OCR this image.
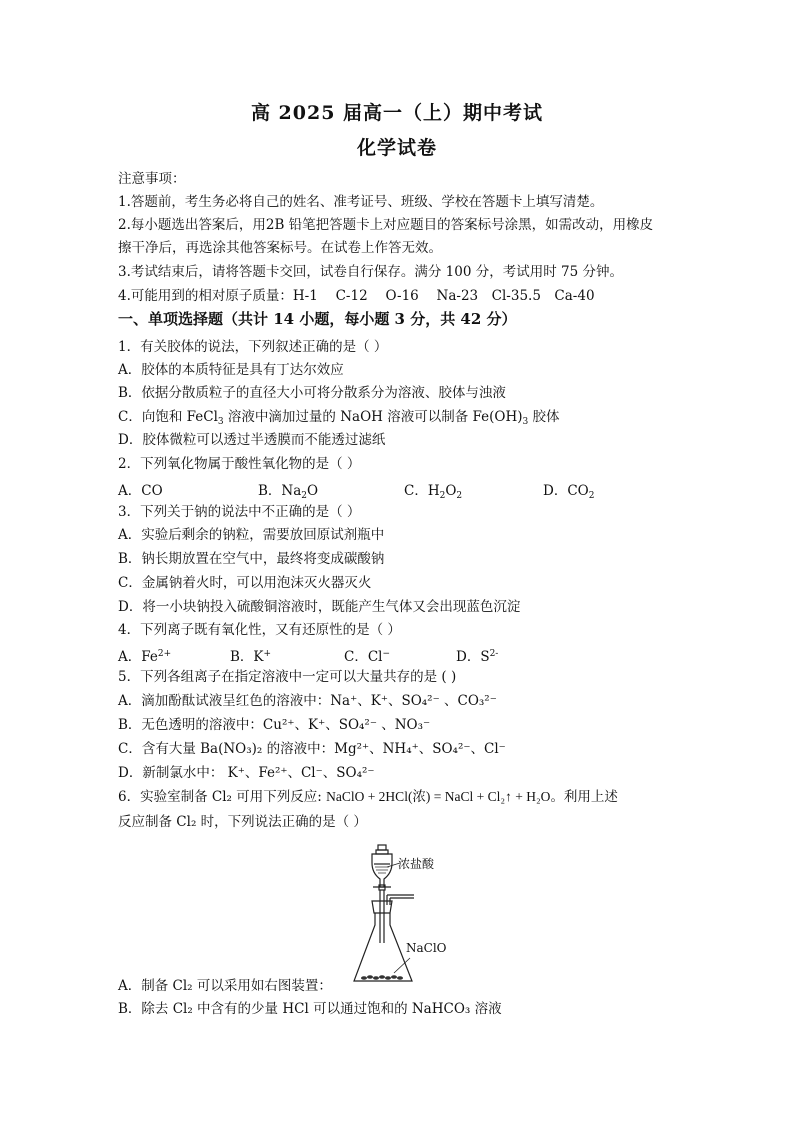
高 2025 届高一（上）期中考试
化学试卷
注意事项：
1.答题前，考生务必将自己的姓名、准考证号、班级、学校在答题卡上填写清楚。
2.每小题选出答案后，用2B 铅笔把答题卡上对应题目的答案标号涂黑，如需改动，用橡皮
擦干净后，再选涂其他答案标号。在试卷上作答无效。
3.考试结束后，请将答题卡交回，试卷自行保存。满分 100 分，考试用时 75 分钟。
4.可能用到的相对原子质量：H-1　 C-12　 O-16　 Na-23　Cl-35.5　Ca-40
一、单项选择题（共计 14 小题，每小题 3 分，共 42 分）
1．有关胶体的说法，下列叙述正确的是（ ）
A．胶体的本质特征是具有丁达尔效应
B．依据分散质粒子的直径大小可将分散系分为溶液、胶体与浊液
C．向饱和 FeCl$_3$ 溶液中滴加过量的 NaOH 溶液可以制备 $Fe(OH)_3$ 胶体
D．胶体微粒可以透过半透膜而不能透过滤纸
2．下列氧化物属于酸性氧化物的是（ ）
A．CO	B．$Na_2O$	C．$H_2O_2$	D．$CO_2$
3．下列关于钠的说法中不正确的是（ ）
A．实验后剩余的钠粒，需要放回原试剂瓶中
B．钠长期放置在空气中，最终将变成碳酸钠
C．金属钠着火时，可以用泡沫灭火器灭火
D．将一小块钠投入硫酸铜溶液时，既能产生气体又会出现蓝色沉淀
4．下列离子既有氧化性，又有还原性的是（ ）
A．$Fe^{2+}$	B．K+	C．Cl−	D．$S^{2-}$
5．下列各组离子在指定溶液中一定可以大量共存的是 ( )
A．滴加酚酞试液呈红色的溶液中：Na⁺、K⁺、SO₄²⁻ 、CO₃²⁻
B．无色透明的溶液中：Cu²⁺、K⁺、SO₄²⁻ 、NO₃⁻
C．含有大量 Ba(NO₃)₂ 的溶液中：Mg²⁺、NH₄⁺、SO₄²⁻、Cl⁻
D．新制氯水中： K⁺、Fe²⁺、Cl⁻、SO₄²⁻
6．实验室制备 Cl₂ 可用下列反应: NaClO + 2HCl(浓) = NaCl + Cl₂↑ + H₂O。利用上述
反应制备 Cl₂ 时，下列说法正确的是（ ）
浓盐酸
NaClO
A．制备 Cl₂ 可以采用如右图装置：
B．除去 Cl₂ 中含有的少量 HCl 可以通过饱和的 NaHCO₃ 溶液
